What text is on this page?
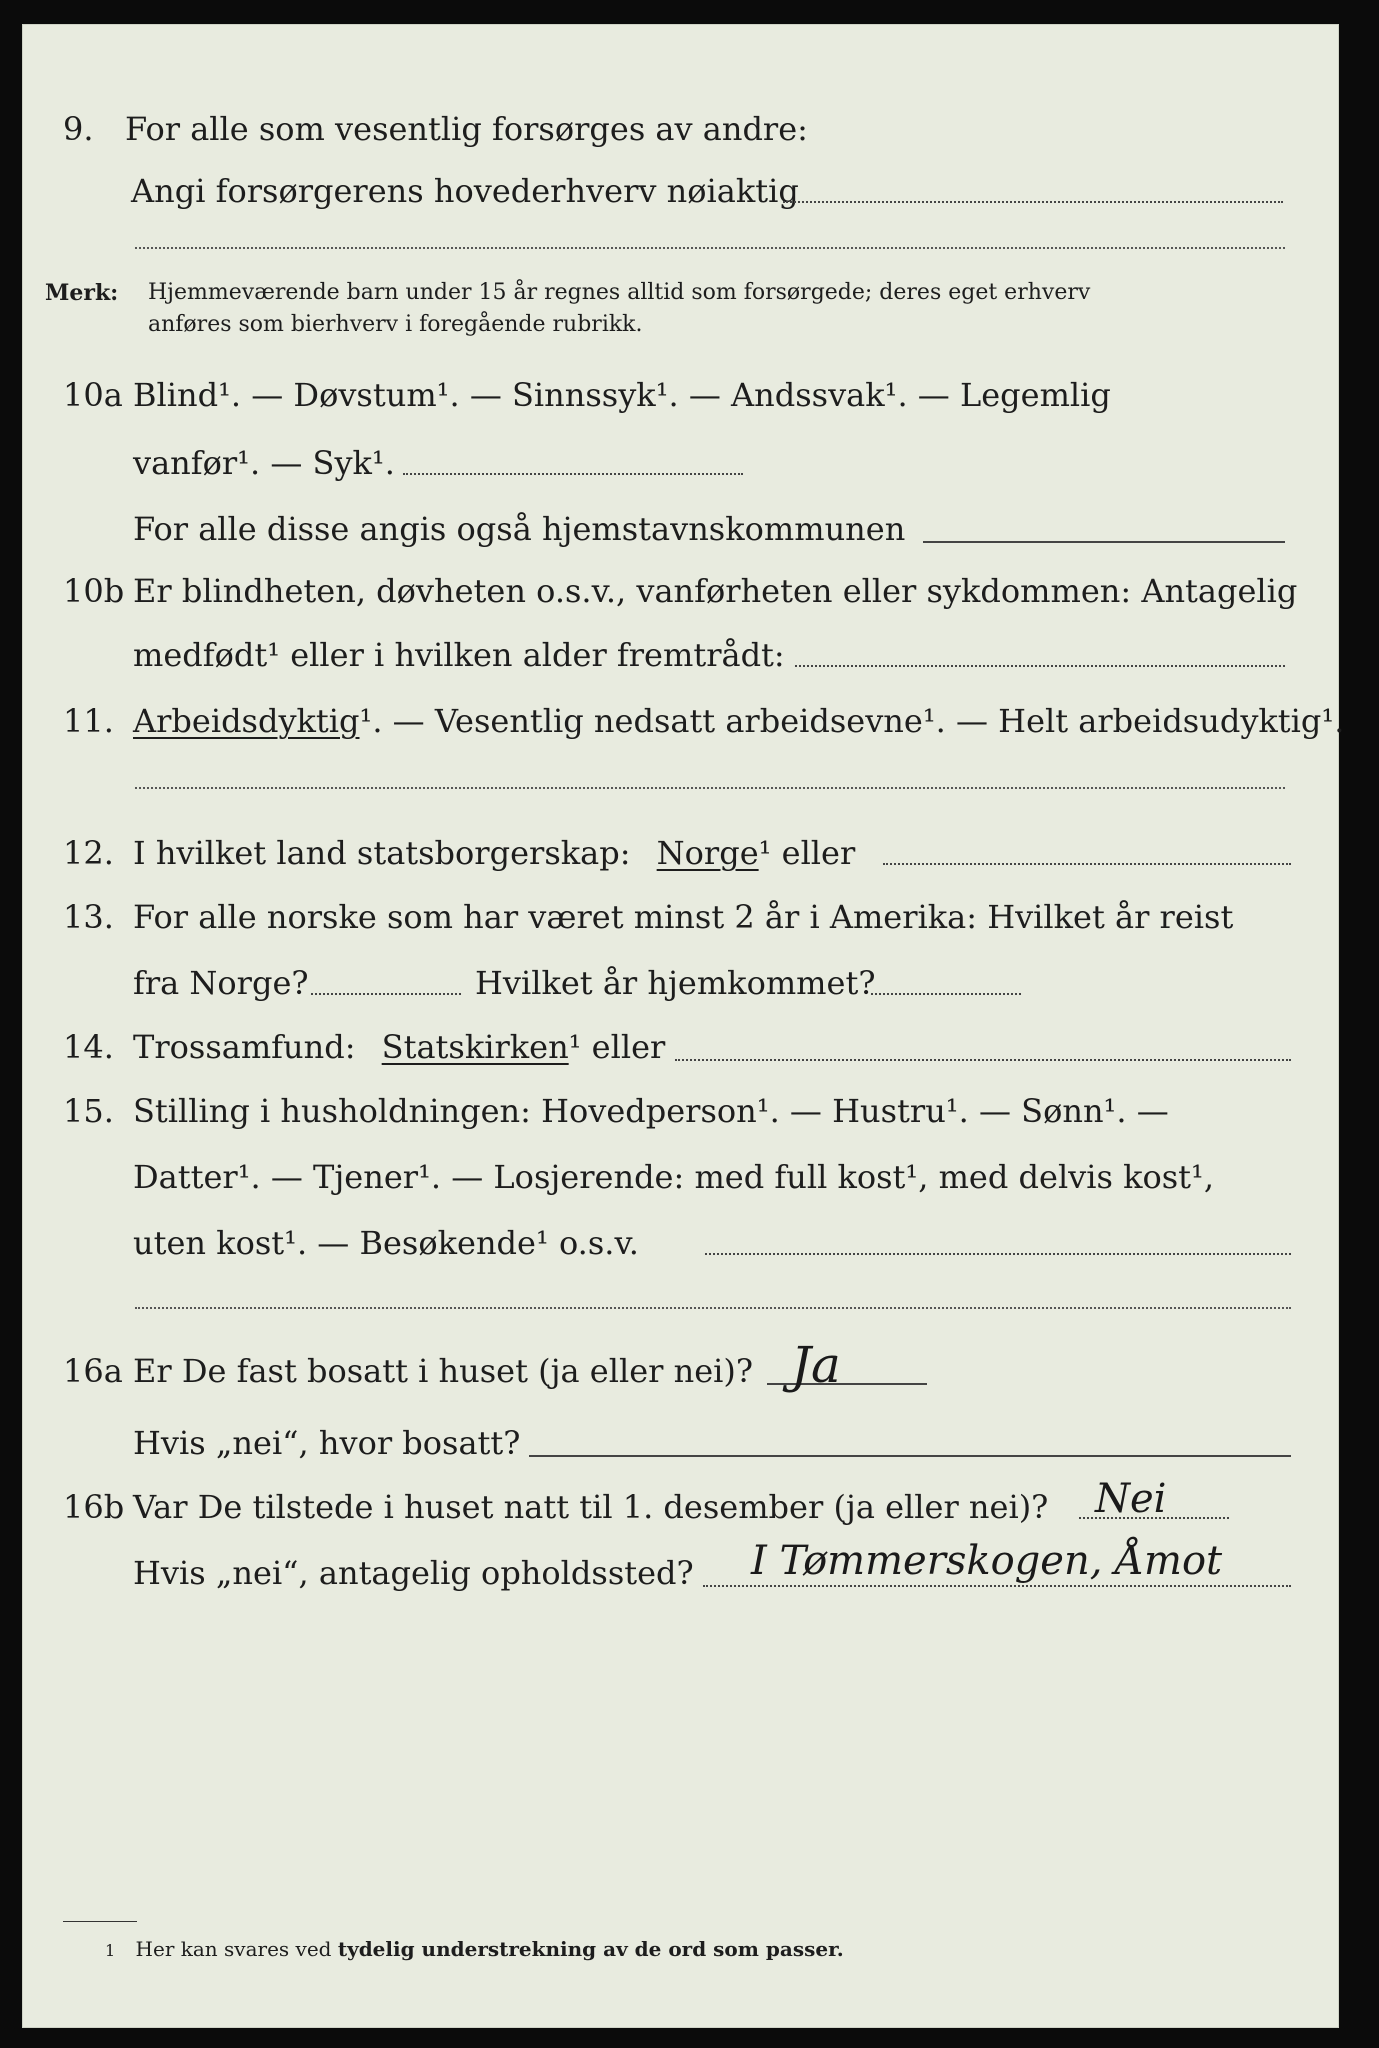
9. For alle som vesentlig forsørges av andre:
Angi forsørgerens hovederhverv nøiaktig
Merk: Hjemmeværende barn under 15 år regnes alltid som forsørgede; deres eget erhverv
anføres som bierhverv i foregående rubrikk.
10a Blind¹. — Døvstum¹. — Sinnssyk¹. — Andssvak¹. — Legemlig
vanfør¹. — Syk¹.
For alle disse angis også hjemstavnskommunen
10b Er blindheten, døvheten o.s.v., vanførheten eller sykdommen: Antagelig
medfødt¹ eller i hvilken alder fremtrådt:
11. Arbeidsdyktig¹. — Vesentlig nedsatt arbeidsevne¹. — Helt arbeidsudyktig¹.
12. I hvilket land statsborgerskap: Norge¹ eller
13. For alle norske som har været minst 2 år i Amerika: Hvilket år reist
fra Norge?	Hvilket år hjemkommet?
14. Trossamfund: Statskirken¹ eller
15. Stilling i husholdningen: Hovedperson¹. — Hustru¹. — Sønn¹. —
Datter¹. — Tjener¹. — Losjerende: med full kost¹, med delvis kost¹,
uten kost¹. — Besøkende¹ o.s.v.
16a Er De fast bosatt i huset (ja eller nei)? Ja
Hvis „nei“, hvor bosatt?
16b Var De tilstede i huset natt til 1. desember (ja eller nei)? Nei
Hvis „nei“, antagelig opholdssted? I Tømmerskogen, Åmot
1 Her kan svares ved tydelig understrekning av de ord som passer.
